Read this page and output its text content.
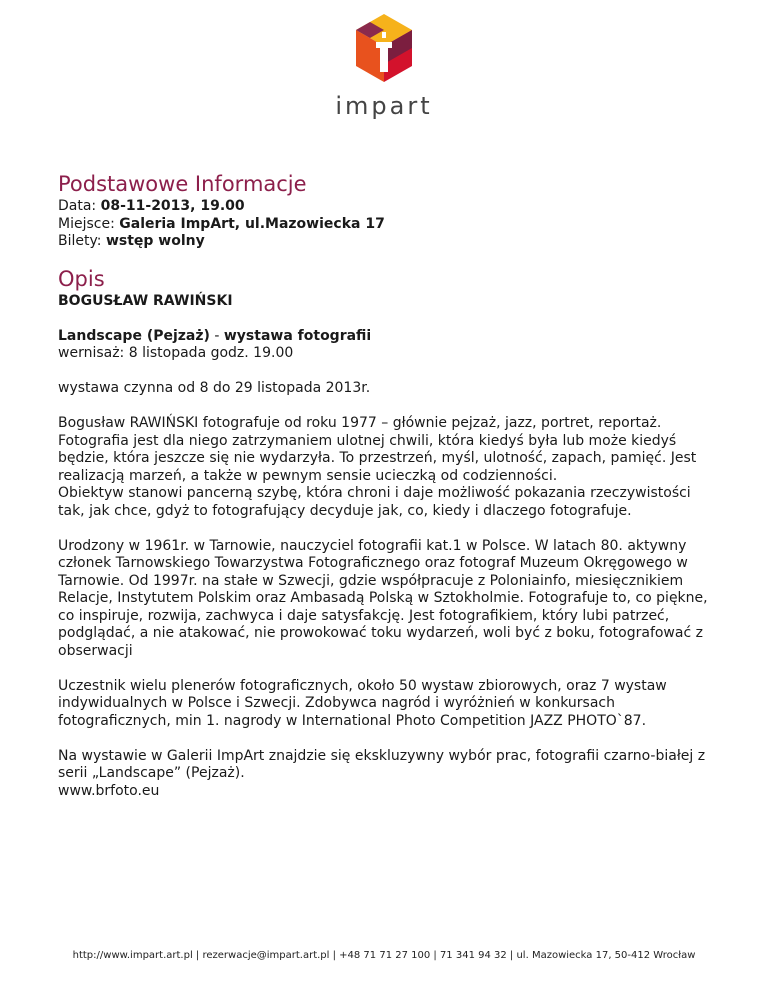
impart
Podstawowe Informacje
Data: 08-11-2013, 19.00
Miejsce: Galeria ImpArt, ul.Mazowiecka 17
Bilety: wstęp wolny
Opis

BOGUSŁAW RAWIŃSKI

Landscape (Pejzaż) - wystawa fotografii

wernisaż: 8 listopada godz. 19.00

wystawa czynna od 8 do 29 listopada 2013r.

Bogusław RAWIŃSKI fotografuje od roku 1977 – głównie pejzaż, jazz, portret, reportaż. Fotografia jest dla niego zatrzymaniem ulotnej chwili, która kiedyś była lub może kiedyś będzie, która jeszcze się nie wydarzyła. To przestrzeń, myśl, ulotność, zapach, pamięć. Jest realizacją marzeń, a także w pewnym sensie ucieczką od codzienności.

Obiektyw stanowi pancerną szybę, która chroni i daje możliwość pokazania rzeczywistości tak, jak chce, gdyż to fotografujący decyduje jak, co, kiedy i dlaczego fotografuje.

Urodzony w 1961r. w Tarnowie, nauczyciel fotografii kat.1 w Polsce. W latach 80. aktywny członek Tarnowskiego Towarzystwa Fotograficznego oraz fotograf Muzeum Okręgowego w Tarnowie. Od 1997r. na stałe w Szwecji, gdzie współpracuje z Poloniainfo, miesięcznikiem Relacje, Instytutem Polskim oraz Ambasadą Polską w Sztokholmie. Fotografuje to, co piękne, co inspiruje, rozwija, zachwyca i daje satysfakcję. Jest fotografikiem, który lubi patrzeć, podglądać, a nie atakować, nie prowokować toku wydarzeń, woli być z boku, fotografować z obserwacji

Uczestnik wielu plenerów fotograficznych, około 50 wystaw zbiorowych, oraz 7 wystaw indywidualnych w Polsce i Szwecji. Zdobywca nagród i wyróżnień w konkursach fotograficznych, min 1. nagrody w International Photo Competition JAZZ PHOTO`87.

Na wystawie w Galerii ImpArt znajdzie się ekskluzywny wybór prac, fotografii czarno-białej z serii „Landscape” (Pejzaż).
www.brfoto.eu
http://www.impart.art.pl | rezerwacje@impart.art.pl | +48 71 71 27 100 | 71 341 94 32 | ul. Mazowiecka 17, 50-412 Wrocław
